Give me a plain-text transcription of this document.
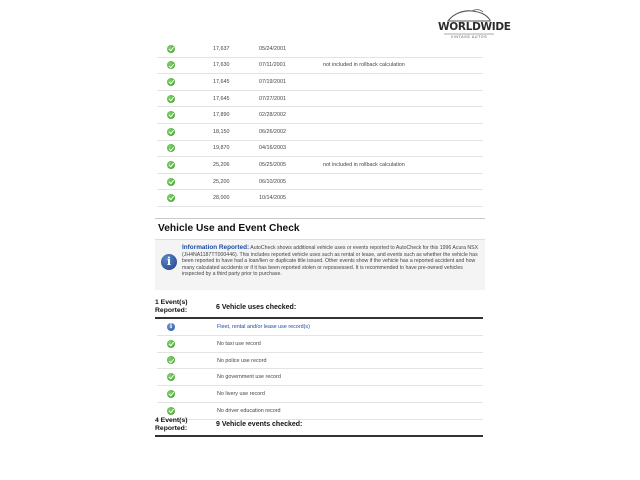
WORLDWIDE
VINTAGE AUTOS
17,637	05/24/2001
17,630	07/11/2001	not included in rollback calculation
17,645	07/19/2001
17,645	07/27/2001
17,890	02/28/2002
18,150	06/26/2002
19,870	04/16/2003
25,206	05/25/2005	not included in rollback calculation
25,200	06/10/2005
28,000	10/14/2005
Vehicle Use and Event Check
i
Information Reported: AutoCheck shows additional vehicle uses or events reported to AutoCheck for this 1996 Acura NSX (JH4NA1187TT000446). This includes reported vehicle uses such as rental or lease, and events such as whether the vehicle has been reported to have had a loan/lien or duplicate title issued. Other events show if the vehicle has a reported accident and how many calculated accidents or if it has been reported stolen or repossessed. It is recommended to have pre-owned vehicles inspected by a third party prior to purchase.
1 Event(s)
Reported:	6 Vehicle uses checked:
i	Fleet, rental and/or lease use record(s)
No taxi use record
No police use record
No government use record
No livery use record
No driver education record
4 Event(s)
Reported:
9 Vehicle events checked:
